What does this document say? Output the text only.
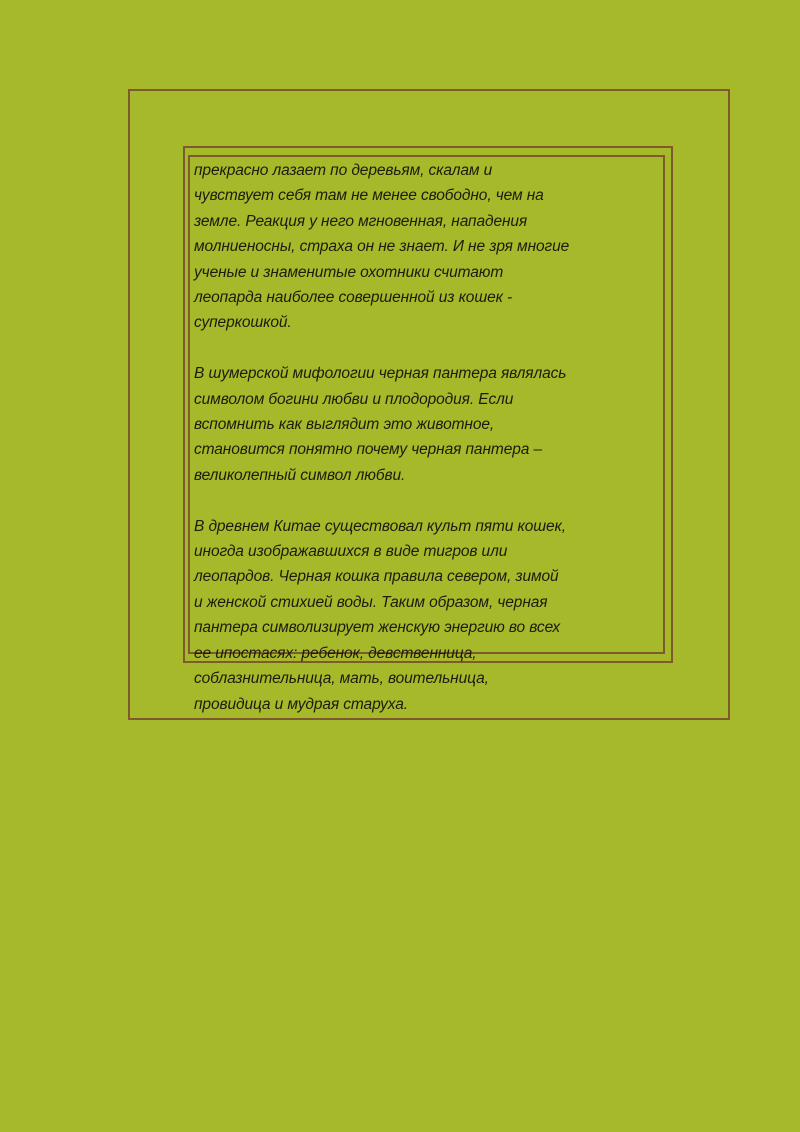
прекрасно лазает по деревьям, скалам и
чувствует себя там не менее свободно, чем на
земле. Реакция у него мгновенная, нападения
молниеносны, страха он не знает. И не зря многие
ученые и знаменитые охотники считают
леопарда наиболее совершенной из кошек -
суперкошкой.

В шумерской мифологии черная пантера являлась
символом богини любви и плодородия. Если
вспомнить как выглядит это животное,
становится понятно почему черная пантера –
великолепный символ любви.

В древнем Китае существовал культ пяти кошек,
иногда изображавшихся в виде тигров или
леопардов. Черная кошка правила севером, зимой
и женской стихией воды. Таким образом, черная
пантера символизирует женскую энергию во всех
ее ипостасях: ребенок, девственница,
соблазнительница, мать, воительница,
провидица и мудрая старуха.
